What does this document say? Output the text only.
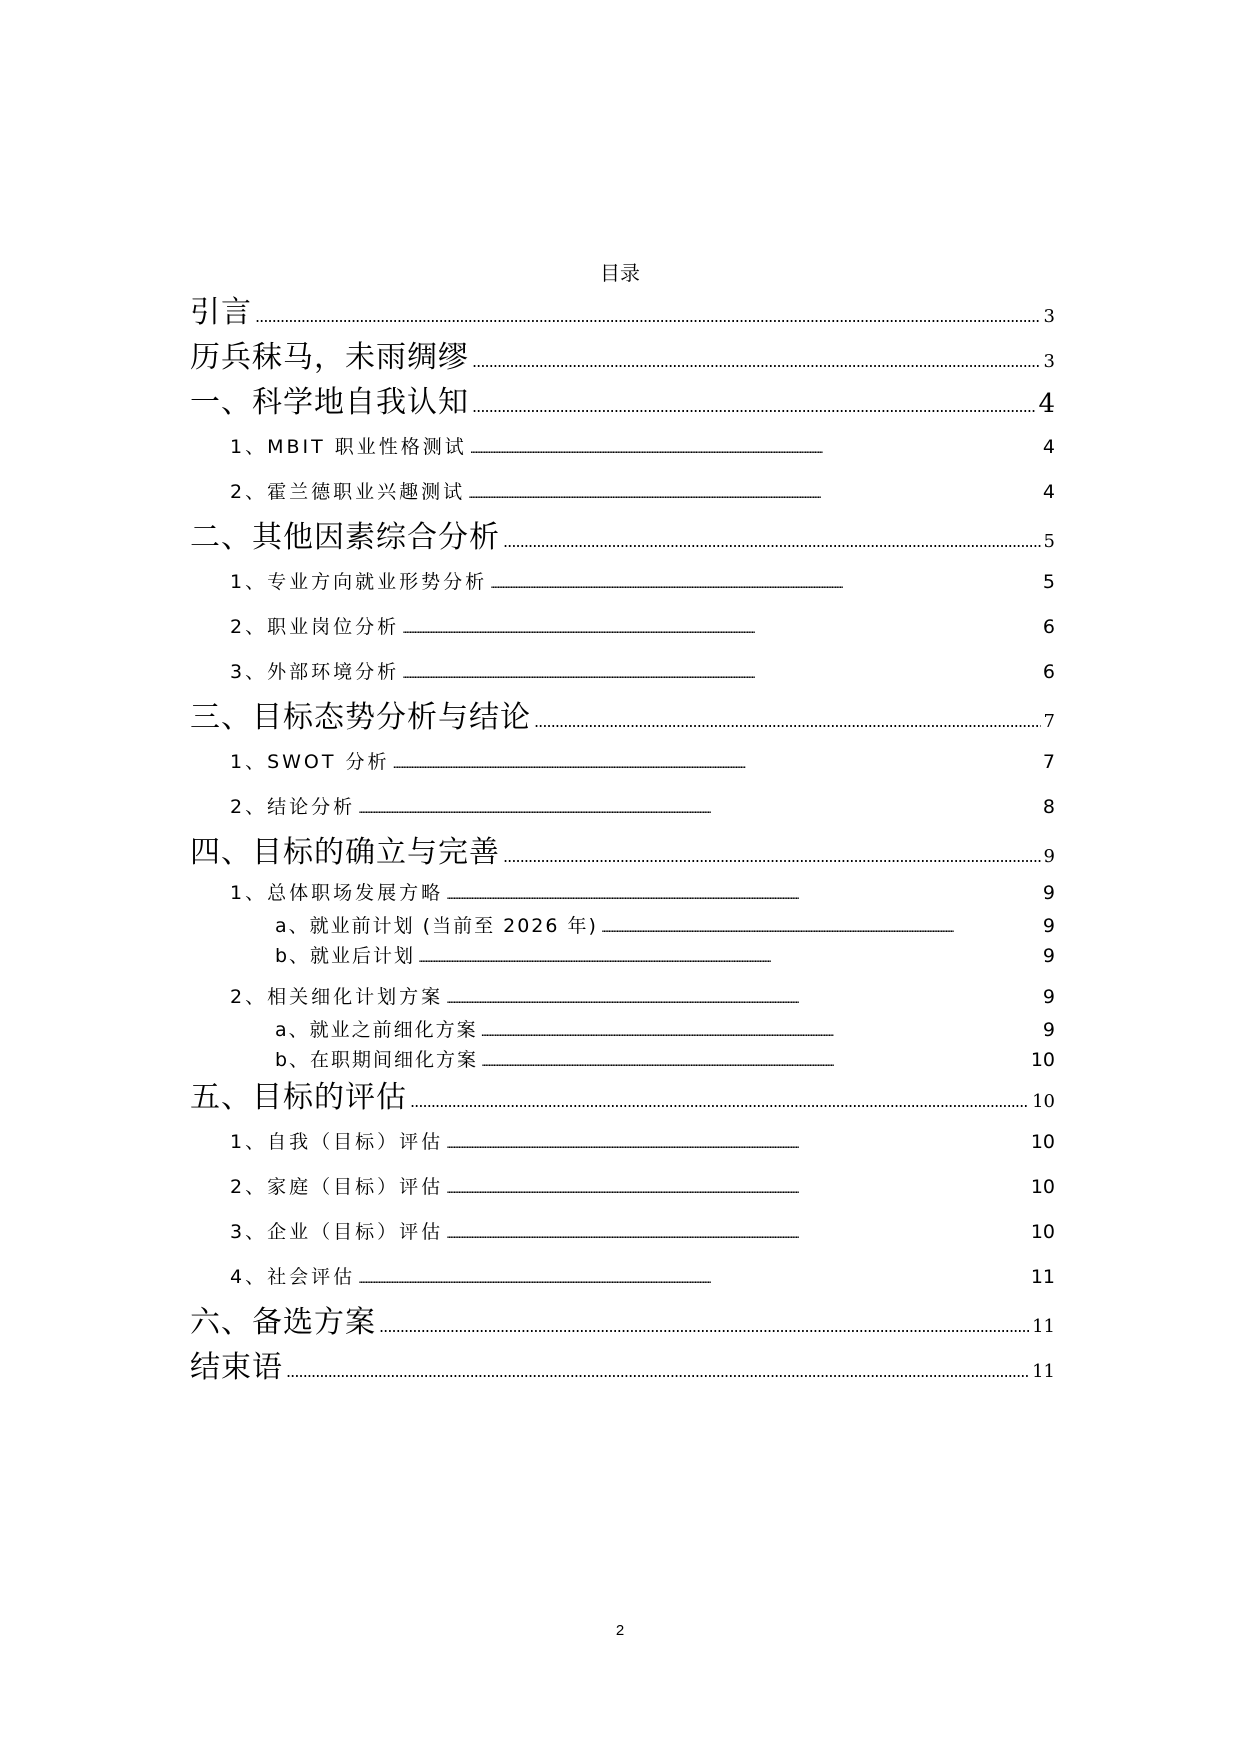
目录
引言 . . .	3
历兵秣马，未雨绸缪 . . .	3
一、科学地自我认知 . . .	4
1、MBIT 职业性格测试 . . .	4
2、霍兰德职业兴趣测试 . . .	4
二、其他因素综合分析 . . .	5
1、专业方向就业形势分析 . . .	5
2、职业岗位分析 . . .	6
3、外部环境分析 . . .	6
三、目标态势分析与结论 . . .	7
1、SWOT 分析 . . .	7
2、结论分析 . . .	8
四、目标的确立与完善 . . .	9
1、总体职场发展方略 . . .	9
a、就业前计划 (当前至 2026 年) . . .	9
b、就业后计划 . . .	9
2、相关细化计划方案 . . .	9
a、就业之前细化方案 . . .	9
b、在职期间细化方案 . . .	10
五、目标的评估 . . .	10
1、自我（目标）评估 . . .	10
2、家庭（目标）评估 . . .	10
3、企业（目标）评估 . . .	10
4、社会评估 . . .	11
六、备选方案 . . .	11
结束语 . . .	11
2
